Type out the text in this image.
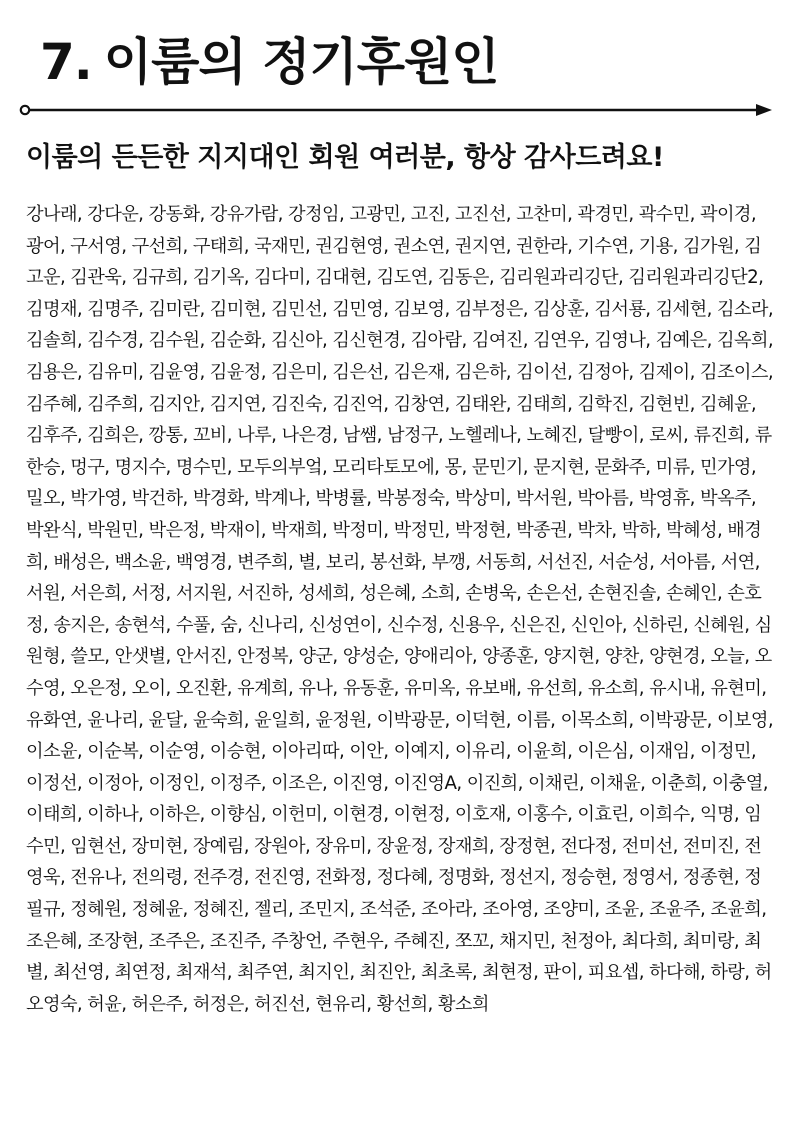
7. 이룸의 정기후원인
이룸의 든든한 지지대인 회원 여러분, 항상 감사드려요!

강나래, 강다운, 강동화, 강유가람, 강정임, 고광민, 고진, 고진선, 고찬미, 곽경민, 곽수민, 곽이경, 광어, 구서영, 구선희, 구태희, 국재민, 권김현영, 권소연, 권지연, 권한라, 기수연, 기용, 김가원, 김고운, 김관욱, 김규희, 김기옥, 김다미, 김대현, 김도연, 김동은, 김리원과리깅단, 김리원과리깅단2, 김명재, 김명주, 김미란, 김미현, 김민선, 김민영, 김보영, 김부정은, 김상훈, 김서룡, 김세현, 김소라, 김솔희, 김수경, 김수원, 김순화, 김신아, 김신현경, 김아람, 김여진, 김연우, 김영나, 김예은, 김옥희, 김용은, 김유미, 김윤영, 김윤정, 김은미, 김은선, 김은재, 김은하, 김이선, 김정아, 김제이, 김조이스, 김주혜, 김주희, 김지안, 김지연, 김진숙, 김진억, 김창연, 김태완, 김태희, 김학진, 김현빈, 김혜윤, 김후주, 김희은, 깡통, 꼬비, 나루, 나은경, 남쌤, 남정구, 노헬레나, 노혜진, 달빵이, 로씨, 류진희, 류한승, 멍구, 명지수, 명수민, 모두의부엌, 모리타토모에, 몽, 문민기, 문지현, 문화주, 미류, 민가영, 밀오, 박가영, 박건하, 박경화, 박계나, 박병률, 박봉정숙, 박상미, 박서원, 박아름, 박영휴, 박옥주, 박완식, 박원민, 박은정, 박재이, 박재희, 박정미, 박정민, 박정현, 박종권, 박차, 박하, 박혜성, 배경희, 배성은, 백소윤, 백영경, 변주희, 별, 보리, 봉선화, 부깽, 서동희, 서선진, 서순성, 서아름, 서연, 서원, 서은희, 서정, 서지원, 서진하, 성세희, 성은혜, 소희, 손병욱, 손은선, 손현진솔, 손혜인, 손호정, 송지은, 송현석, 수풀, 숨, 신나리, 신성연이, 신수정, 신용우, 신은진, 신인아, 신하린, 신혜원, 심원형, 쓸모, 안샛별, 안서진, 안정복, 양군, 양성순, 양애리아, 양종훈, 양지현, 양찬, 양현경, 오늘, 오수영, 오은정, 오이, 오진환, 유계희, 유나, 유동훈, 유미옥, 유보배, 유선희, 유소희, 유시내, 유현미, 유화연, 윤나리, 윤달, 윤숙희, 윤일희, 윤정원, 이박광문, 이덕현, 이름, 이목소희, 이박광문, 이보영, 이소윤, 이순복, 이순영, 이승현, 이아리따, 이안, 이예지, 이유리, 이윤희, 이은심, 이재임, 이정민, 이정선, 이정아, 이정인, 이정주, 이조은, 이진영, 이진영A, 이진희, 이채린, 이채윤, 이춘희, 이충열, 이태희, 이하나, 이하은, 이향심, 이헌미, 이현경, 이현정, 이호재, 이홍수, 이효린, 이희수, 익명, 임수민, 임현선, 장미현, 장예림, 장원아, 장유미, 장윤정, 장재희, 장정현, 전다정, 전미선, 전미진, 전영욱, 전유나, 전의령, 전주경, 전진영, 전화정, 정다혜, 정명화, 정선지, 정승현, 정영서, 정종현, 정필규, 정혜원, 정혜윤, 정혜진, 젤리, 조민지, 조석준, 조아라, 조아영, 조양미, 조윤, 조윤주, 조윤희, 조은혜, 조장현, 조주은, 조진주, 주창언, 주현우, 주혜진, 쪼꼬, 채지민, 천정아, 최다희, 최미랑, 최별, 최선영, 최연정, 최재석, 최주연, 최지인, 최진안, 최초록, 최현정, 판이, 피요셉, 하다해, 하랑, 허오영숙, 허윤, 허은주, 허정은, 허진선, 현유리, 황선희, 황소희
